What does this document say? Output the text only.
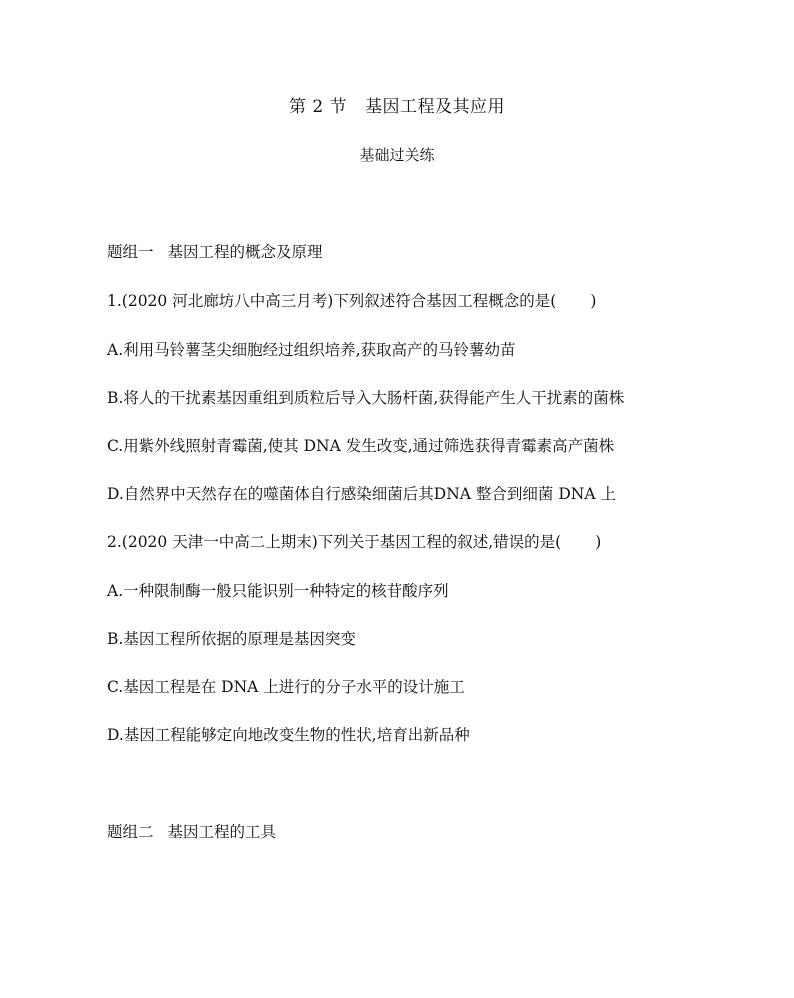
第 2 节 基因工程及其应用
基础过关练
题组一 基因工程的概念及原理
1.(2020 河北廊坊八中高三月考)下列叙述符合基因工程概念的是( )
A.利用马铃薯茎尖细胞经过组织培养,获取高产的马铃薯幼苗
B.将人的干扰素基因重组到质粒后导入大肠杆菌,获得能产生人干扰素的菌株
C.用紫外线照射青霉菌,使其 DNA 发生改变,通过筛选获得青霉素高产菌株
D.自然界中天然存在的噬菌体自行感染细菌后其DNA 整合到细菌 DNA 上
2.(2020 天津一中高二上期末)下列关于基因工程的叙述,错误的是( )
A.一种限制酶一般只能识别一种特定的核苷酸序列
B.基因工程所依据的原理是基因突变
C.基因工程是在 DNA 上进行的分子水平的设计施工
D.基因工程能够定向地改变生物的性状,培育出新品种
题组二 基因工程的工具
